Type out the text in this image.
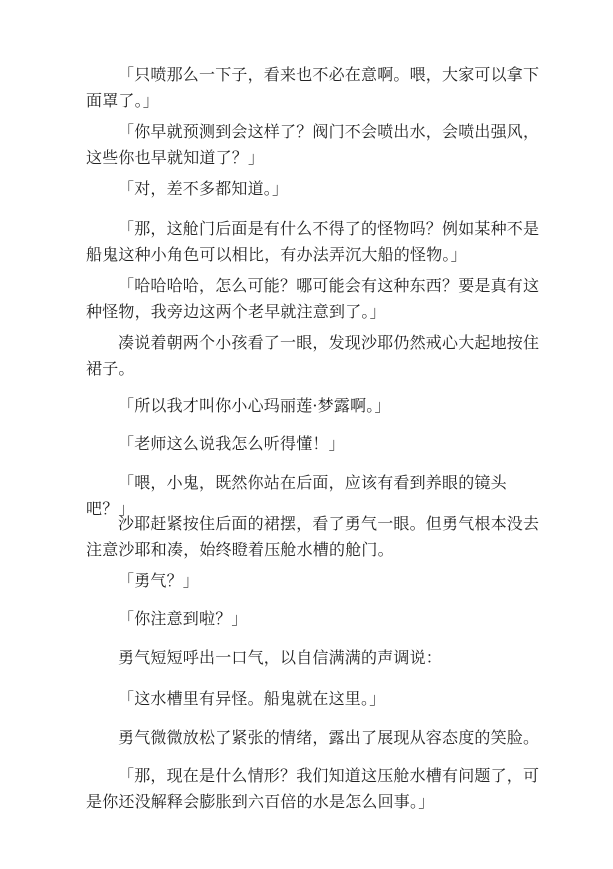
「只喷那么一下子，看来也不必在意啊。喂，大家可以拿下面罩了。」

「你早就预测到会这样了？阀门不会喷出水，会喷出强风，这些你也早就知道了？」

「对，差不多都知道。」

「那，这舱门后面是有什么不得了的怪物吗？例如某种不是船鬼这种小角色可以相比，有办法弄沉大船的怪物。」

「哈哈哈哈，怎么可能？哪可能会有这种东西？要是真有这种怪物，我旁边这两个老早就注意到了。」

凑说着朝两个小孩看了一眼，发现沙耶仍然戒心大起地按住裙子。

「所以我才叫你小心玛丽莲·梦露啊。」

「老师这么说我怎么听得懂！」

「喂，小鬼，既然你站在后面，应该有看到养眼的镜头吧？」

沙耶赶紧按住后面的裙摆，看了勇气一眼。但勇气根本没去注意沙耶和凑，始终瞪着压舱水槽的舱门。

「勇气？」

「你注意到啦？」

勇气短短呼出一口气，以自信满满的声调说：

「这水槽里有异怪。船鬼就在这里。」

勇气微微放松了紧张的情绪，露出了展现从容态度的笑脸。

「那，现在是什么情形？我们知道这压舱水槽有问题了，可是你还没解释会膨胀到六百倍的水是怎么回事。」
